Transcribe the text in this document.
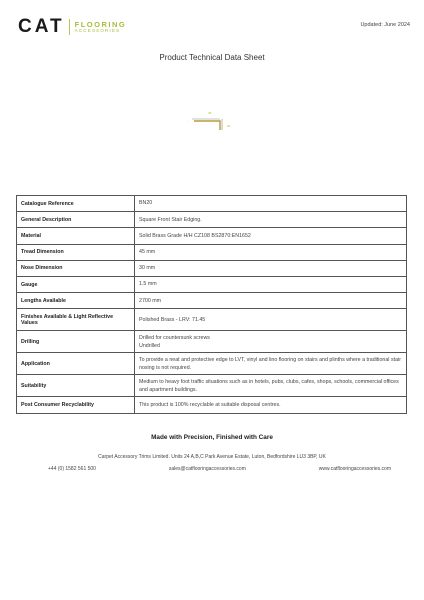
CAT FLOORING
ACCESSORIES
Updated: June 2024
Product Technical Data Sheet
45
30
-
Catalogue Reference	BN20
General Description	Square Front Stair Edging.
Material	Solid Brass Grade H/H CZ108 BS2870:EN1652
Tread Dimension	45 mm
Nose Dimension	30 mm
Gauge	1.5 mm
Lengths Available	2700 mm
Finishes Available & Light Reflective Values	Polished Brass - LRV: 71.45
Drilling	Drilled for countersunk screws
Undrilled

Application	To provide a neat and protective edge to LVT, vinyl and lino flooring on stairs and plinths where a traditional stair nosing is not required.
Suitability	Medium to heavy foot traffic situations such as in hotels, pubs, clubs, cafes, shops, schools, commercial offices and apartment buildings.
Post Consumer Recyclability	This product is 100% recyclable at suitable disposal centres.
Made with Precision, Finished with Care
Carpet Accessory Trims Limited. Units 24 A,B,C Park Avenue Estate, Luton, Bedfordshire LU3 3BP, UK
+44 (0) 1582 561 500	sales@catflooringaccessories.com	www.catflooringaccessories.com
